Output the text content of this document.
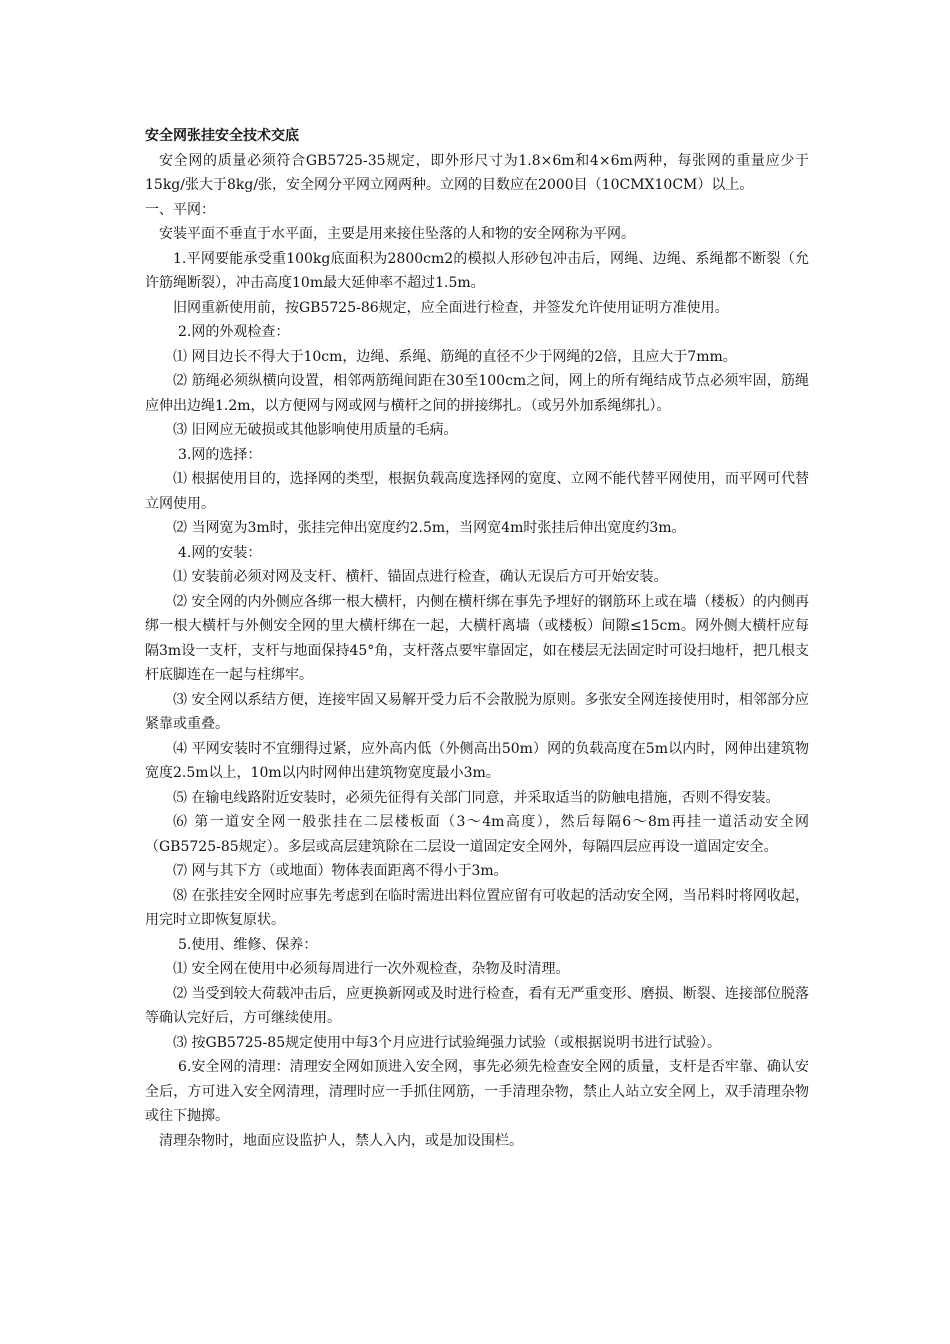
安全网张挂安全技术交底

安全网的质量必须符合GB5725-35规定，即外形尺寸为1.8×6m和4×6m两种，每张网的重量应少于15kg/张大于8kg/张，安全网分平网立网两种。立网的目数应在2000目（10CMX10CM）以上。

一、平网：

安装平面不垂直于水平面，主要是用来接住坠落的人和物的安全网称为平网。

1.平网要能承受重100kg底面积为2800cm2的模拟人形砂包冲击后，网绳、边绳、系绳都不断裂（允许筋绳断裂），冲击高度10m最大延伸率不超过1.5m。

旧网重新使用前，按GB5725-86规定，应全面进行检查，并签发允许使用证明方准使用。

2.网的外观检查：

⑴ 网目边长不得大于10cm，边绳、系绳、筋绳的直径不少于网绳的2倍，且应大于7mm。

⑵ 筋绳必须纵横向设置，相邻两筋绳间距在30至100cm之间，网上的所有绳结成节点必须牢固，筋绳应伸出边绳1.2m，以方便网与网或网与横杆之间的拼接绑扎。（或另外加系绳绑扎）。

⑶ 旧网应无破损或其他影响使用质量的毛病。

3.网的选择：

⑴ 根据使用目的，选择网的类型，根据负载高度选择网的宽度、立网不能代替平网使用，而平网可代替立网使用。

⑵ 当网宽为3m时，张挂完伸出宽度约2.5m，当网宽4m时张挂后伸出宽度约3m。

4.网的安装：

⑴ 安装前必须对网及支杆、横杆、锚固点进行检查，确认无误后方可开始安装。

⑵ 安全网的内外侧应各绑一根大横杆，内侧在横杆绑在事先予埋好的钢筋环上或在墙（楼板）的内侧再绑一根大横杆与外侧安全网的里大横杆绑在一起，大横杆离墙（或楼板）间隙≤15cm。网外侧大横杆应每隔3m设一支杆，支杆与地面保持45°角，支杆落点要牢靠固定，如在楼层无法固定时可设扫地杆，把几根支杆底脚连在一起与柱绑牢。

⑶ 安全网以系结方便，连接牢固又易解开受力后不会散脱为原则。多张安全网连接使用时，相邻部分应紧靠或重叠。

⑷ 平网安装时不宜绷得过紧，应外高内低（外侧高出50m）网的负载高度在5m以内时，网伸出建筑物宽度2.5m以上，10m以内时网伸出建筑物宽度最小3m。

⑸ 在输电线路附近安装时，必须先征得有关部门同意，并采取适当的防触电措施，否则不得安装。

⑹ 第一道安全网一般张挂在二层楼板面（3～4m高度），然后每隔6～8m再挂一道活动安全网（GB5725-85规定）。多层或高层建筑除在二层设一道固定安全网外，每隔四层应再设一道固定安全。

⑺ 网与其下方（或地面）物体表面距离不得小于3m。

⑻ 在张挂安全网时应事先考虑到在临时需进出料位置应留有可收起的活动安全网，当吊料时将网收起，用完时立即恢复原状。

5.使用、维修、保养：

⑴ 安全网在使用中必须每周进行一次外观检查，杂物及时清理。

⑵ 当受到较大荷载冲击后，应更换新网或及时进行检查，看有无严重变形、磨损、断裂、连接部位脱落等确认完好后，方可继续使用。

⑶ 按GB5725-85规定使用中每3个月应进行试验绳强力试验（或根据说明书进行试验）。

6.安全网的清理：清理安全网如顶进入安全网，事先必须先检查安全网的质量，支杆是否牢靠、确认安全后，方可进入安全网清理，清理时应一手抓住网筋，一手清理杂物，禁止人站立安全网上，双手清理杂物或往下抛掷。

清理杂物时，地面应设监护人，禁人入内，或是加设围栏。
